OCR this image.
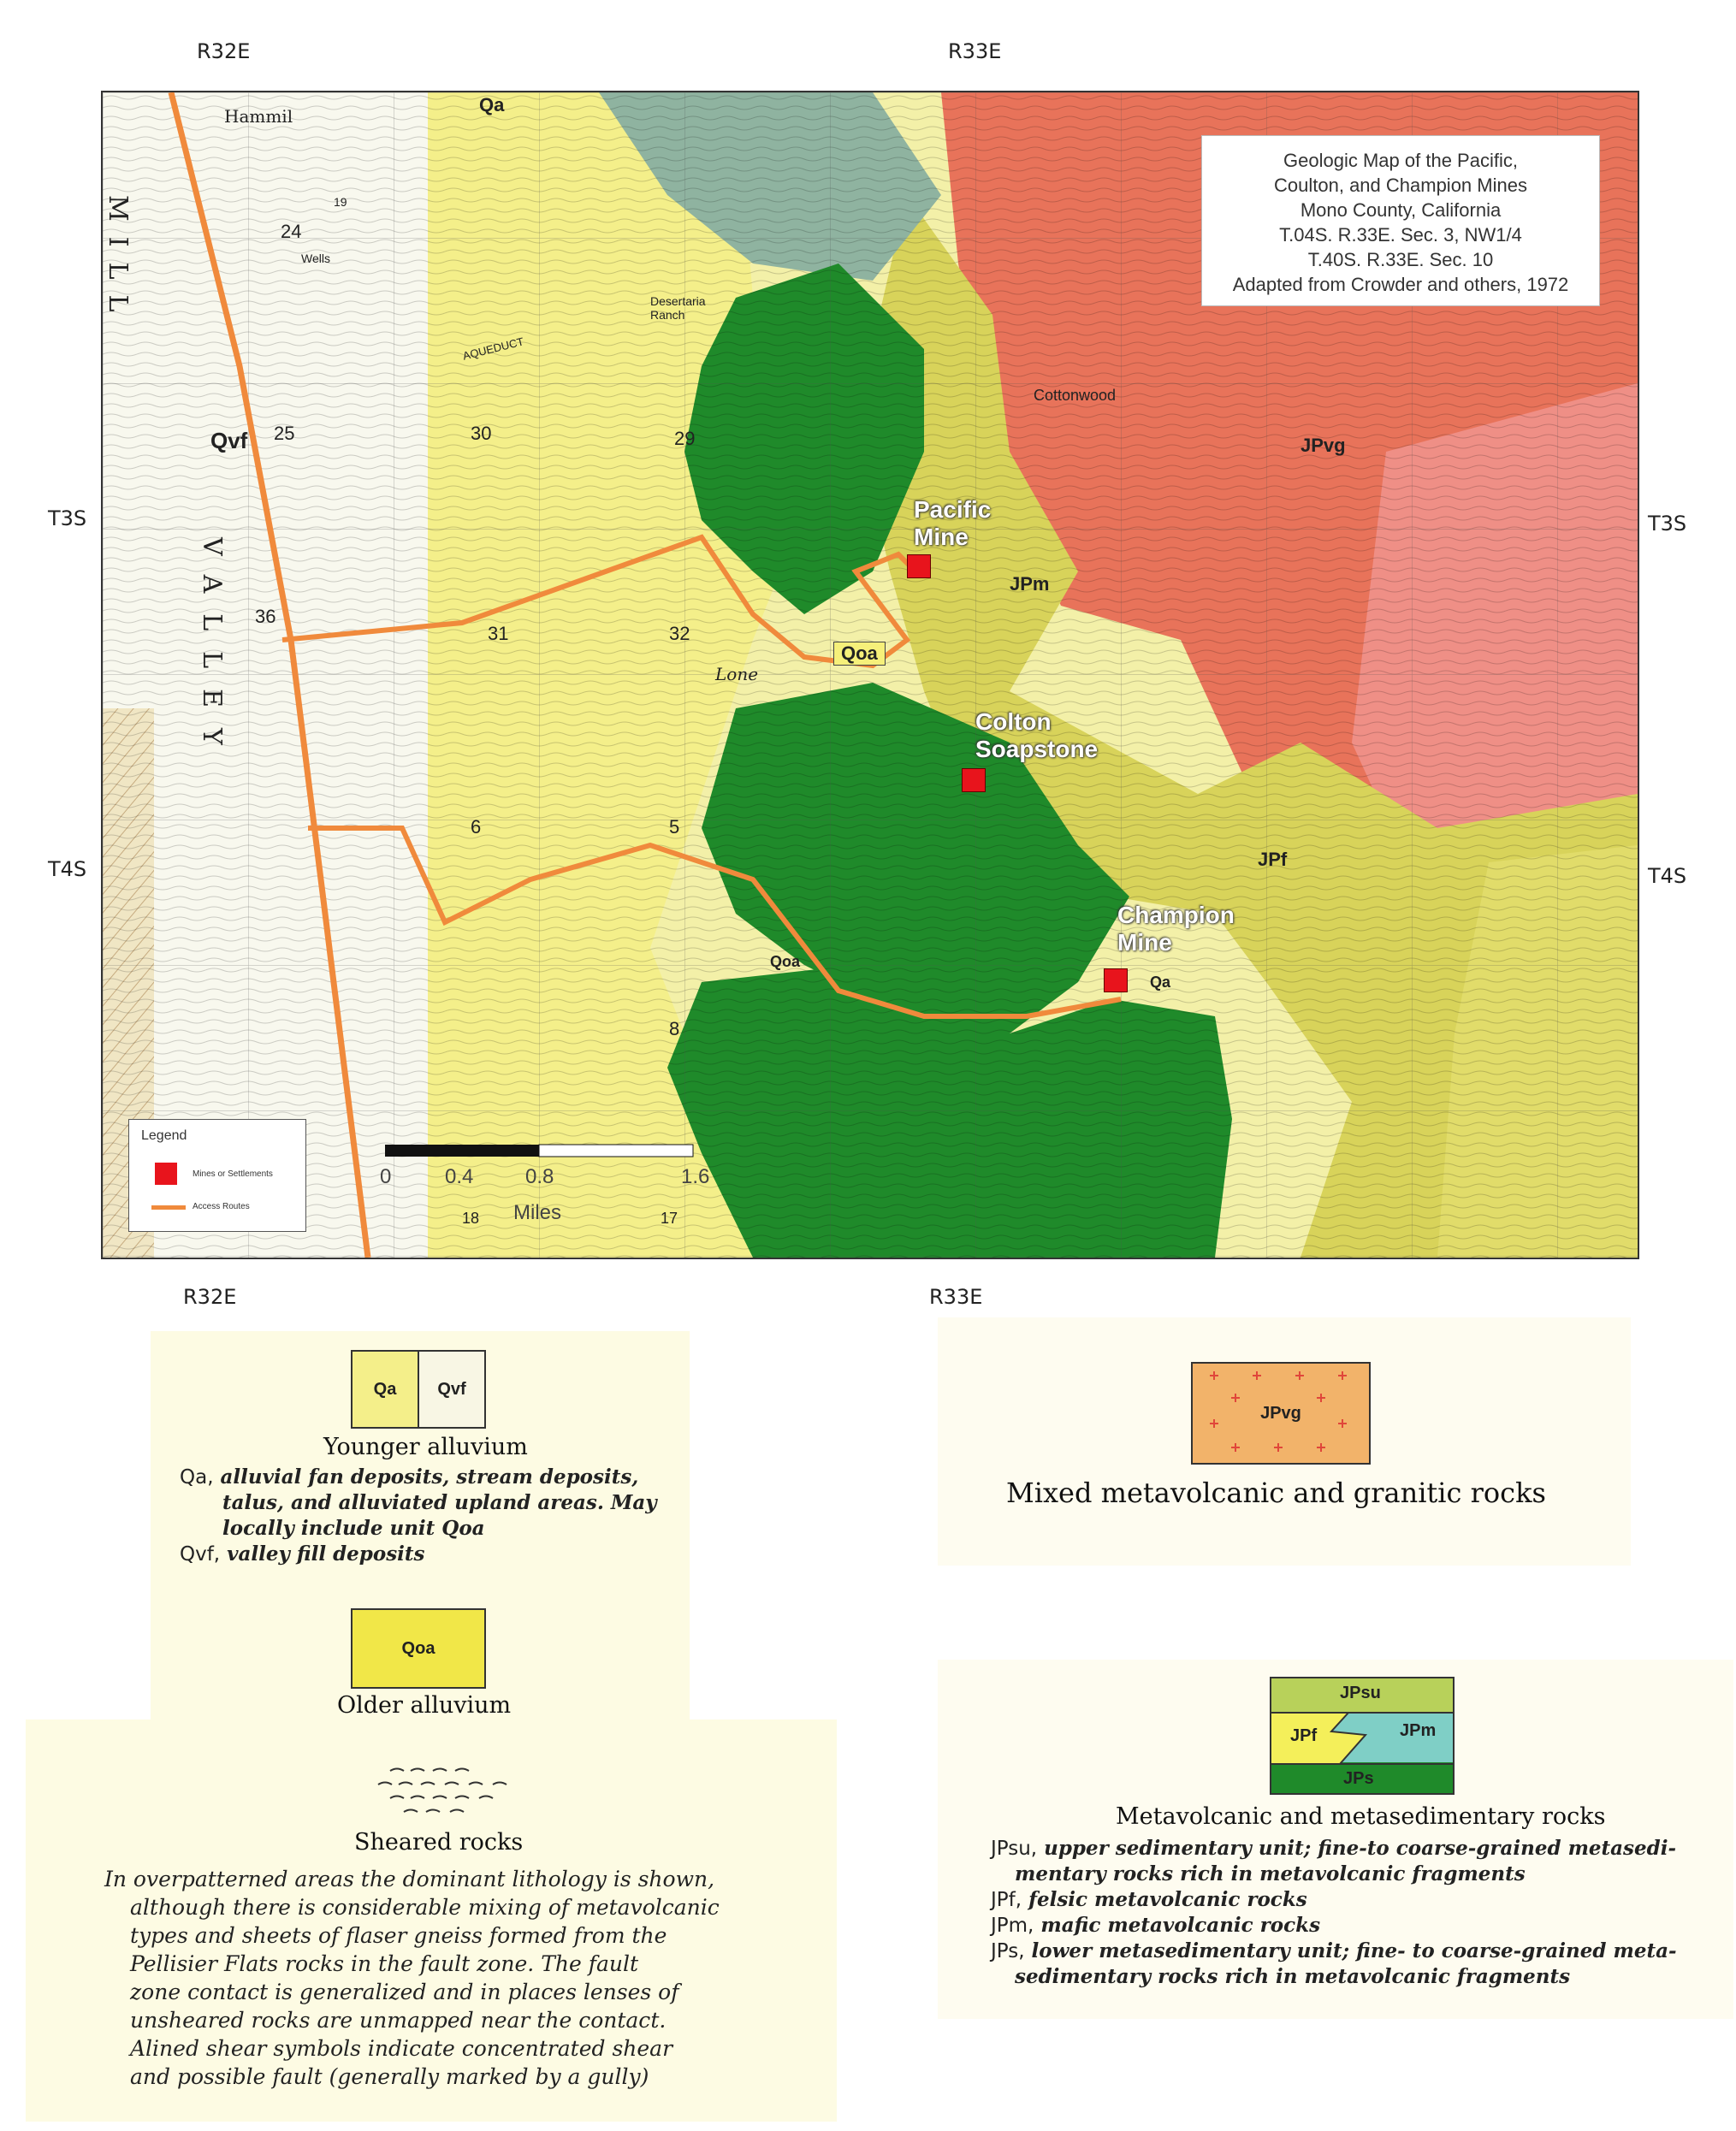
R32E	R33E
T3S
T4S
T3S
T4S
R32E	R33E
Geologic Map of the Pacific,
Coulton, and Champion Mines
Mono County, California
T.04S. R.33E. Sec. 3, NW1/4
T.40S. R.33E. Sec. 10
Adapted from Crowder and others, 1972
Pacific
Mine
Colton
Soapstone
Champion
Mine
Qa
Qvf
Qoa
Qoa
JPm
JPvg
JPf
Qa
Hammil
MILL
VALLEY
Cottonwood
Lone
Wells
Desertaria Ranch
AQUEDUCT
24
25
36
30
31	32
29
5
6
8
18	17
19
Legend
Mines or Settlements
Access Routes
0	0.4	0.8	1.6
Miles
Qa	Qvf
Younger alluvium
Qa, alluvial fan deposits, stream deposits,
talus, and alluviated upland areas. May
locally include unit Qoa
Qvf, valley fill deposits
Qoa
Older alluvium
Sheared rocks
In overpatterned areas the dominant lithology is shown,
although there is considerable mixing of metavolcanic
types and sheets of flaser gneiss formed from the
Pellisier Flats rocks in the fault zone. The fault
zone contact is generalized and in places lenses of
unsheared rocks are unmapped near the contact.
Alined shear symbols indicate concentrated shear
and possible fault (generally marked by a gully)
JPvg
Mixed metavolcanic and granitic rocks
JPsu
JPf	JPm
JPs
Metavolcanic and metasedimentary rocks
JPsu, upper sedimentary unit; fine-to coarse-grained metasedi-
mentary rocks rich in metavolcanic fragments
JPf, felsic metavolcanic rocks
JPm, mafic metavolcanic rocks
JPs, lower metasedimentary unit; fine- to coarse-grained meta-
sedimentary rocks rich in metavolcanic fragments
